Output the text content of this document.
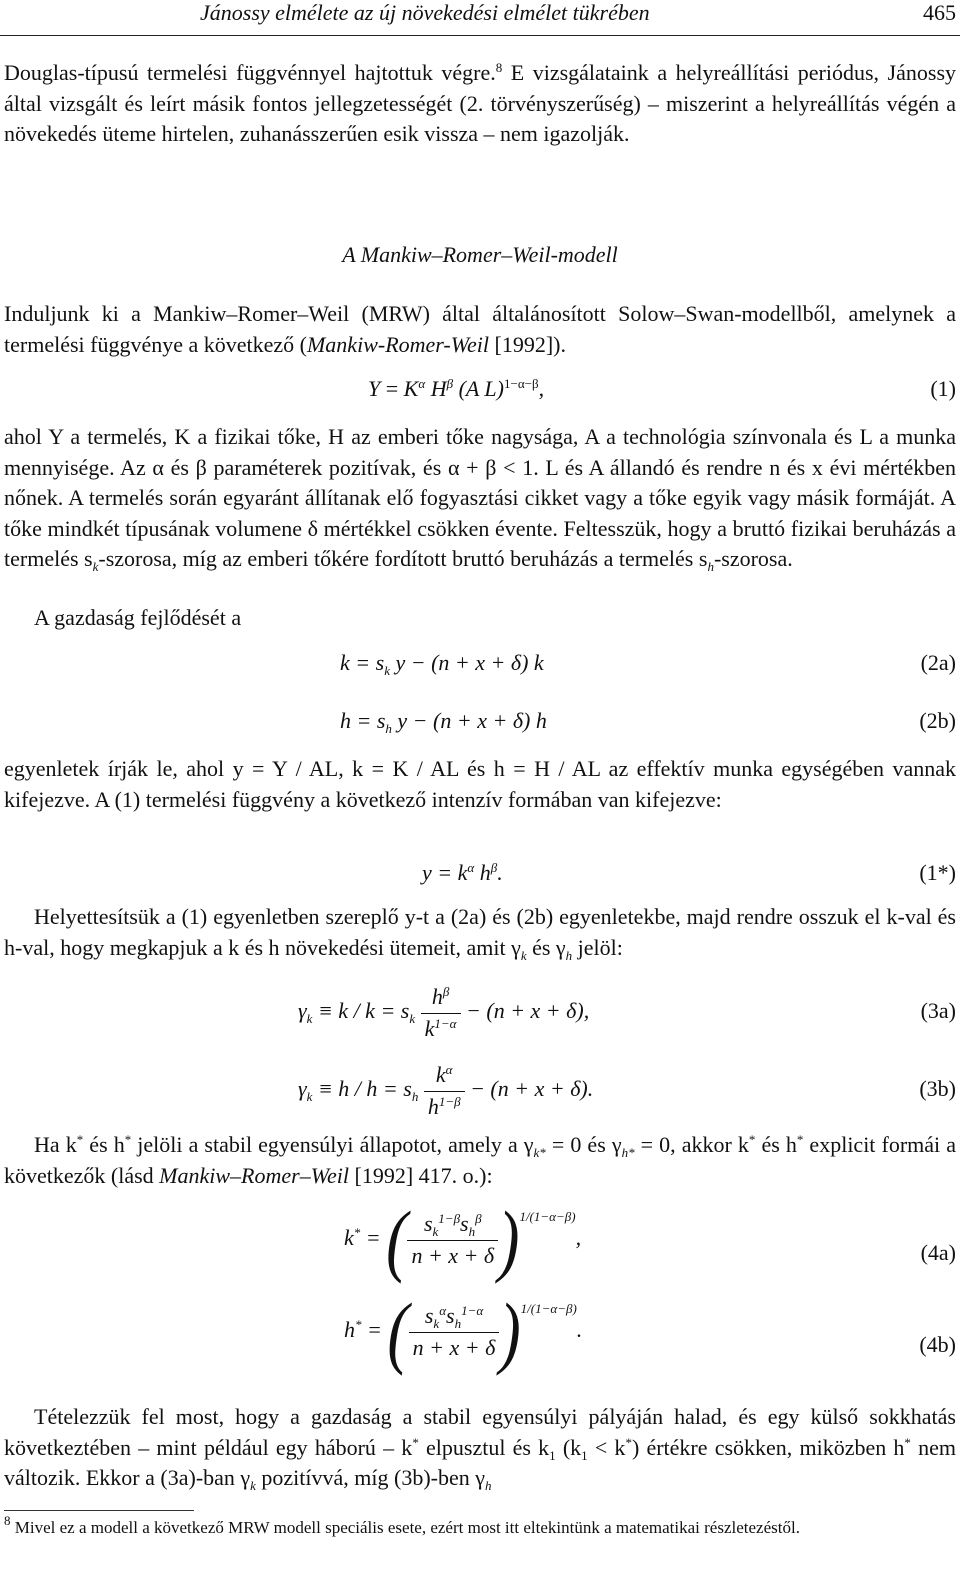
Jánossy elmélete az új növekedési elmélet tükrében	465

Douglas-típusú termelési függvénnyel hajtottuk végre.$^8$ E vizsgálataink a helyreállítási periódus, Jánossy által vizsgált és leírt másik fontos jellegzetességét (2. törvényszerűség) – miszerint a helyreállítás végén a növekedés üteme hirtelen, zuhanásszerűen esik vissza – nem igazolják.

A Mankiw–Romer–Weil-modell

Induljunk ki a Mankiw–Romer–Weil (MRW) által általánosított Solow–Swan-modellből, amelynek a termelési függvénye a következő (Mankiw-Romer-Weil [1992]).

$Y = K^\alpha$ $H^\beta$ (A L)$^{1-\alpha-\beta}$,	(1)

ahol Y a termelés, K a fizikai tőke, H az emberi tőke nagysága, A a technológia színvonala és L a munka mennyisége. Az α és β paraméterek pozitívak, és α + β < 1. L és A állandó és rendre n és x évi mértékben nőnek. A termelés során egyaránt állítanak elő fogyasztási cikket vagy a tőke egyik vagy másik formáját. A tőke mindkét típusának volumene δ mértékkel csökken évente. Feltesszük, hogy a bruttó fizikai beruházás a termelés $s_k$-szorosa, míg az emberi tőkére fordított bruttó beruházás a termelés $s_h$-szorosa.

A gazdaság fejlődését a

$k = s_k$ y − (n + x + δ) k	(2a)
$h = s_h$ y − (n + x + δ) h	(2b)

egyenletek írják le, ahol y = Y / AL, k = K / AL és h = H / AL az effektív munka egységében vannak kifejezve. A (1) termelési függvény a következő intenzív formában van kifejezve:

$y = k^\alpha$ $h^\beta$.	(1*)

Helyettesítsük a (1) egyenletben szereplő y-t a (2a) és (2b) egyenletekbe, majd rendre osszuk el k-val és h-val, hogy megkapjuk a k és h növekedési ütemeit, amit $\gamma_k$ és $\gamma_h$ jelöl:

$\gamma_k \equiv k / k = s_k \frac{h^\beta}{k^{1-\alpha}} - (n + x + \delta)$,	(3a)
$\gamma_k \equiv h / h = s_h \frac{k^\alpha}{h^{1-\beta}} - (n + x + \delta)$.	(3b)

Ha k* és h* jelöli a stabil egyensúlyi állapotot, amely a $\gamma_{k*} = 0$ és $\gamma_{h*} = 0$, akkor k* és h* explicit formái a következők (lásd Mankiw–Romer–Weil [1992] 417. o.):

k* = ( $\frac{s_k^{1-\beta}s_h^\beta}{n + x + \delta} )1/(1-\alpha-\beta)$,
(4a)
h* = ( $\frac{s_k^\alpha s_h^{1-\alpha}}{n + x + \delta} )1/(1-\alpha-\beta)$.
(4b)

Tételezzük fel most, hogy a gazdaság a stabil egyensúlyi pályáján halad, és egy külső sokkhatás következtében – mint például egy háború – k* elpusztul és $k_1$ $(k_1 < k^*)$ értékre csökken, miközben h* nem változik. Ekkor a (3a)-ban $\gamma_k$ pozitívvá, míg (3b)-ben $\gamma_h$

$^8$ Mivel ez a modell a következő MRW modell speciális esete, ezért most itt eltekintünk a matematikai részletezéstől.
